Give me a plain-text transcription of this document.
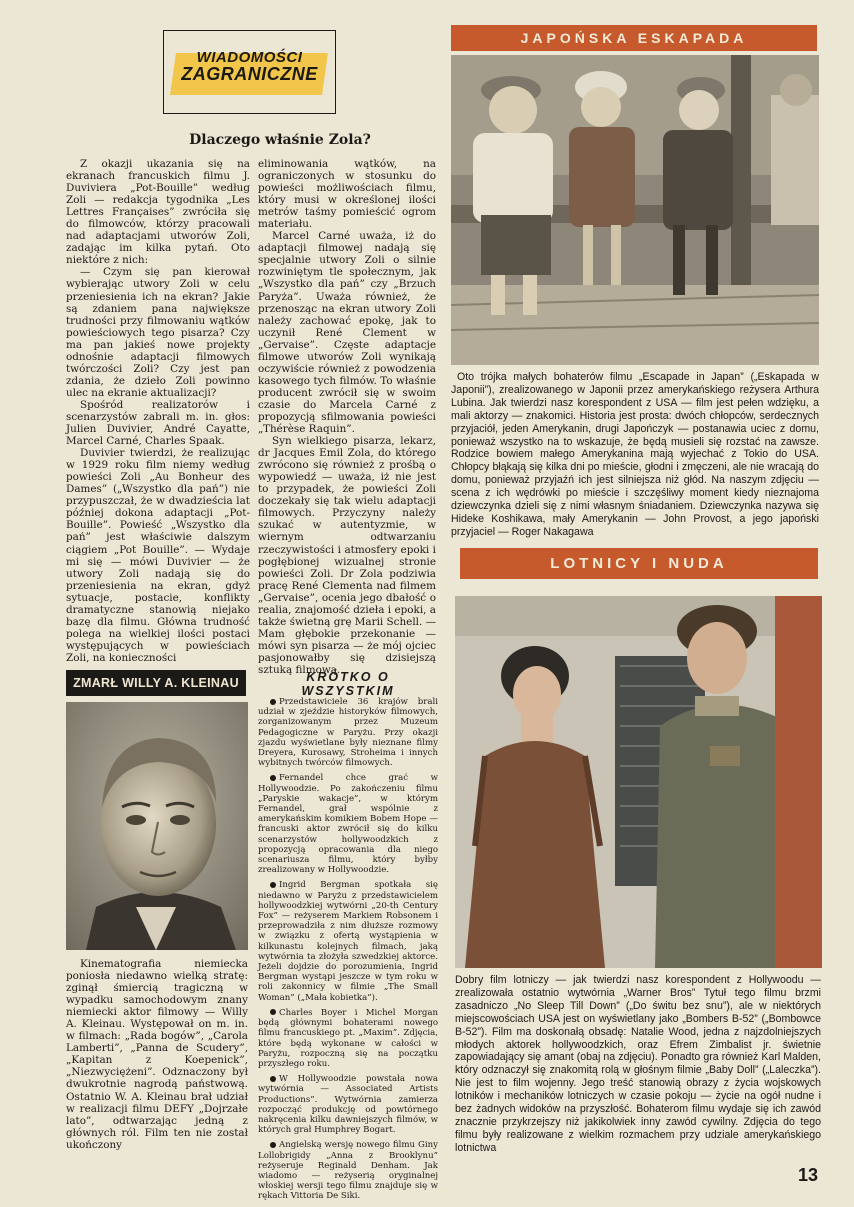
WIADOMOŚCI
ZAGRANICZNE
Dlaczego właśnie Zola?

Z okazji ukazania się na ekranach francuskich filmu J. Duviviera „Pot-Bouille” według Zoli — redakcja tygodnika „Les Lettres Françaises” zwróciła się do filmowców, którzy pracowali nad adaptacjami utworów Zoli, zadając im kilka pytań. Oto niektóre z nich:

— Czym się pan kierował wybierając utwory Zoli w celu przeniesienia ich na ekran? Jakie są zdaniem pana największe trudności przy filmowaniu wątków powieściowych tego pisarza? Czy ma pan jakieś nowe projekty odnośnie adaptacji filmowych twórczości Zoli? Czy jest pan zdania, że dzieło Zoli powinno ulec na ekranie aktualizacji?

Spośród realizatorów i scenarzystów zabrali m. in. głos: Julien Duvivier, André Cayatte, Marcel Carné, Charles Spaak.

Duvivier twierdzi, że realizując w 1929 roku film niemy według powieści Zoli „Au Bonheur des Dames” („Wszystko dla pań”) nie przypuszczał, że w dwadzieścia lat później dokona adaptacji „Pot-Bouille”. Powieść „Wszystko dla pań” jest właściwie dalszym ciągiem „Pot Bouille”. — Wydaje mi się — mówi Duvivier — że utwory Zoli nadają się do przeniesienia na ekran, gdyż sytuacje, postacie, konflikty dramatyczne stanowią niejako bazę dla filmu. Główna trudność polega na wielkiej ilości postaci występujących w powieściach Zoli, na konieczności

eliminowania wątków, na ograniczonych w stosunku do powieści możliwościach filmu, który musi w określonej ilości metrów taśmy pomieścić ogrom materiału.

Marcel Carné uważa, iż do adaptacji filmowej nadają się specjalnie utwory Zoli o silnie rozwiniętym tle społecznym, jak „Wszystko dla pań” czy „Brzuch Paryża”. Uważa również, że przenosząc na ekran utwory Zoli należy zachować epokę, jak to uczynił René Clement w „Gervaise”. Częste adaptacje filmowe utworów Zoli wynikają oczywiście również z powodzenia kasowego tych filmów. To właśnie producent zwrócił się w swoim czasie do Marcela Carné z propozycją sfilmowania powieści „Thérèse Raquin”.

Syn wielkiego pisarza, lekarz, dr Jacques Emil Zola, do którego zwrócono się również z prośbą o wypowiedź — uważa, iż nie jest to przypadek, że powieści Zoli doczekały się tak wielu adaptacji filmowych. Przyczyny należy szukać w autentyzmie, w wiernym odtwarzaniu rzeczywistości i atmosfery epoki i pogłębionej wizualnej stronie powieści Zoli. Dr Zola podziwia pracę René Clementa nad filmem „Gervaise”, ocenia jego dbałość o realia, znajomość dzieła i epoki, a także świetną grę Marii Schell. — Mam głębokie przekonanie — mówi syn pisarza — że mój ojciec pasjonowałby się dzisiejszą sztuką filmową.

ZMARŁ WILLY A. KLEINAU
Kinematografia niemiecka poniosła niedawno wielką stratę: zginął śmiercią tragiczną w wypadku samochodowym znany niemiecki aktor filmowy — Willy A. Kleinau. Występował on m. in. w filmach: „Rada bogów”, „Carola Lamberti”, „Panna de Scudery”, „Kapitan z Koepenick”, „Niezwyciężeni”. Odznaczony był dwukrotnie nagrodą państwową. Ostatnio W. A. Kleinau brał udział w realizacji filmu DEFY „Dojrzałe lato”, odtwarzając jedną z głównych ról. Film ten nie został ukończony
KRÓTKO O WSZYSTKIM

Przedstawiciele 36 krajów brali udział w zjeździe historyków filmowych, zorganizowanym przez Muzeum Pedagogiczne w Paryżu. Przy okazji zjazdu wyświetlane były nieznane filmy Dreyera, Kurosawy, Stroheima i innych wybitnych twórców filmowych.

Fernandel chce grać w Hollywoodzie. Po zakończeniu filmu „Paryskie wakacje”, w którym Fernandel, grał wspólnie z amerykańskim komikiem Bobem Hope — francuski aktor zwrócił się do kilku scenarzystów hollywoodzkich z propozycją opracowania dla niego scenariusza filmu, który byłby zrealizowany w Hollywoodzie.

Ingrid Bergman spotkała się niedawno w Paryżu z przedstawicielem hollywoodzkiej wytwórni „20-th Century Fox” — reżyserem Markiem Robsonem i przeprowadziła z nim dłuższe rozmowy w związku z ofertą wystąpienia w kilkunastu kolejnych filmach, jaką wytwórnia ta złożyła szwedzkiej aktorce. Jeżeli dojdzie do porozumienia, Ingrid Bergman wystąpi jeszcze w tym roku w roli zakonnicy w filmie „The Small Woman” („Mała kobietka”).

Charles Boyer i Michel Morgan będą głównymi bohaterami nowego filmu francuskiego pt. „Maxim”. Zdjęcia, które będą wykonane w całości w Paryżu, rozpoczną się na początku przyszłego roku.

W Hollywoodzie powstała nowa wytwórnia — Associated Artists Productions”. Wytwórnia zamierza rozpocząć produkcję od powtórnego nakręcenia kilku dawniejszych filmów, w których grał Humphrey Bogart.

Angielską wersję nowego filmu Giny Lollobrigidy „Anna z Brooklynu” reżyseruje Reginald Denham. Jak wiadomo — reżyserią oryginalnej włoskiej wersji tego filmu znajduje się w rękach Vittoria De Siki.

JAPOŃSKA ESKAPADA
Oto trójka małych bohaterów filmu „Escapade in Japan” („Eskapada w Japonii”), zrealizowanego w Japonii przez amerykańskiego reżysera Arthura Lubina. Jak twierdzi nasz korespondent z USA — film jest pełen wdzięku, a mali aktorzy — znakomici. Historia jest prosta: dwóch chłopców, serdecznych przyjaciół, jeden Amerykanin, drugi Japończyk — postanawia uciec z domu, ponieważ wszystko na to wskazuje, że będą musieli się rozstać na zawsze. Rodzice bowiem małego Amerykanina mają wyjechać z Tokio do USA. Chłopcy błąkają się kilka dni po mieście, głodni i zmęczeni, ale nie wracają do domu, ponieważ przyjaźń ich jest silniejsza niż głód. Na naszym zdjęciu — scena z ich wędrówki po mieście i szczęśliwy moment kiedy nieznajoma dziewczynka dzieli się z nimi własnym śniadaniem. Dziewczynka nazywa się Hideke Koshikawa, mały Amerykanin — John Provost, a jego japoński przyjaciel — Roger Nakagawa
LOTNICY I NUDA
Dobry film lotniczy — jak twierdzi nasz korespondent z Hollywoodu — zrealizowała ostatnio wytwórnia „Warner Bros” Tytuł tego filmu brzmi zasadniczo „No Sleep Till Down” („Do świtu bez snu”), ale w niektórych miejscowościach USA jest on wyświetlany jako „Bombers B-52” („Bombowce B-52”). Film ma doskonałą obsadę: Natalie Wood, jedna z najzdolniejszych młodych aktorek hollywoodzkich, oraz Efrem Zimbalist jr. świetnie zapowiadający się amant (obaj na zdjęciu). Ponadto gra również Karl Malden, który odznaczył się znakomitą rolą w głośnym filmie „Baby Doll” („Laleczka”). Nie jest to film wojenny. Jego treść stanowią obrazy z życia wojskowych lotników i mechaników lotniczych w czasie pokoju — życie na ogół nudne i bez żadnych widoków na przyszłość. Bohaterom filmu wydaje się ich zawód znacznie przykrzejszy niż jakikolwiek inny zawód cywilny. Zdjęcia do tego filmu były realizowane z wielkim rozmachem przy udziale amerykańskiego lotnictwa
13
